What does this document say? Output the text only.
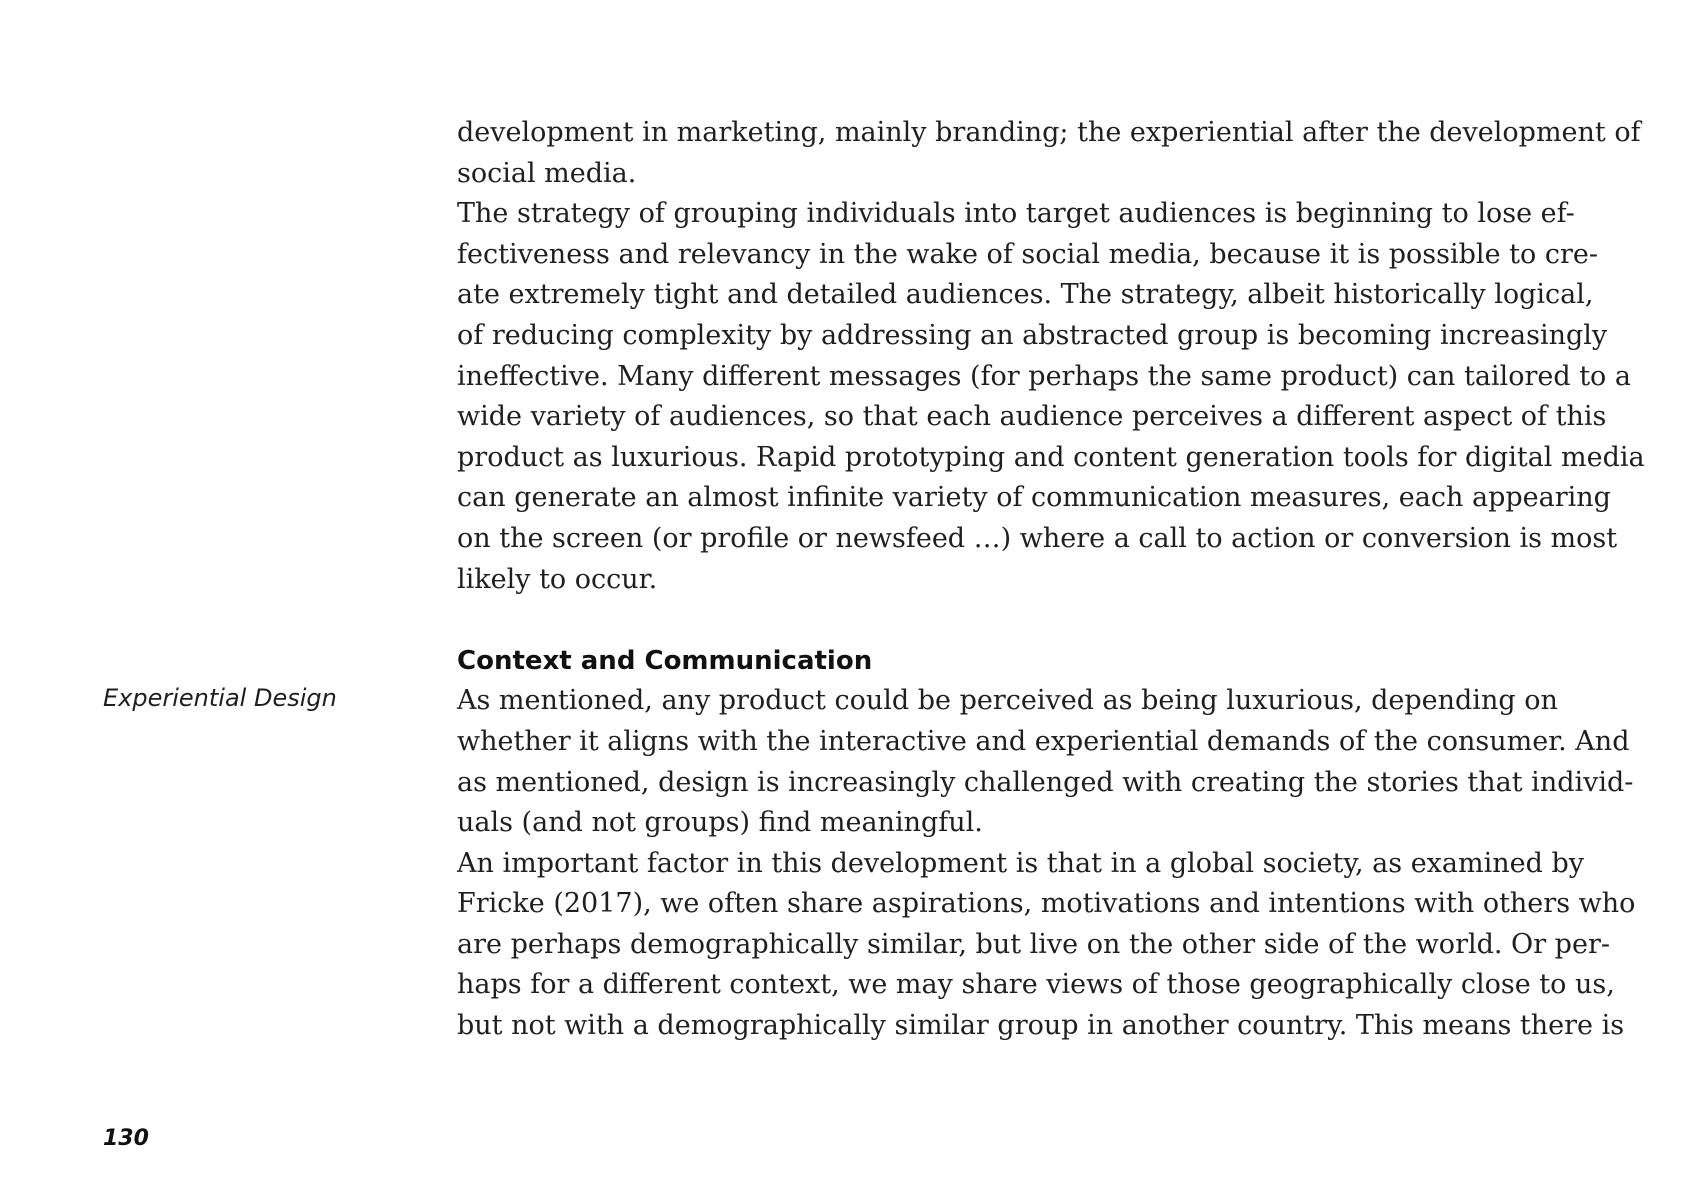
development in marketing, mainly branding; the experiential after the development of
social media.
The strategy of grouping individuals into target audiences is beginning to lose ef-
fectiveness and relevancy in the wake of social media, because it is possible to cre-
ate extremely tight and detailed audiences. The strategy, albeit historically logical,
of reducing complexity by addressing an abstracted group is becoming increasingly
ineffective. Many different messages (for perhaps the same product) can tailored to a
wide variety of audiences, so that each audience perceives a different aspect of this
product as luxurious. Rapid prototyping and content generation tools for digital media
can generate an almost infinite variety of communication measures, each appearing
on the screen (or profile or newsfeed …) where a call to action or conversion is most
likely to occur.
Context and Communication
As mentioned, any product could be perceived as being luxurious, depending on
whether it aligns with the interactive and experiential demands of the consumer. And
as mentioned, design is increasingly challenged with creating the stories that individ-
uals (and not groups) find meaningful.
An important factor in this development is that in a global society, as examined by
Fricke (2017), we often share aspirations, motivations and intentions with others who
are perhaps demographically similar, but live on the other side of the world. Or per-
haps for a different context, we may share views of those geographically close to us,
but not with a demographically similar group in another country. This means there is
Experiential Design
130
